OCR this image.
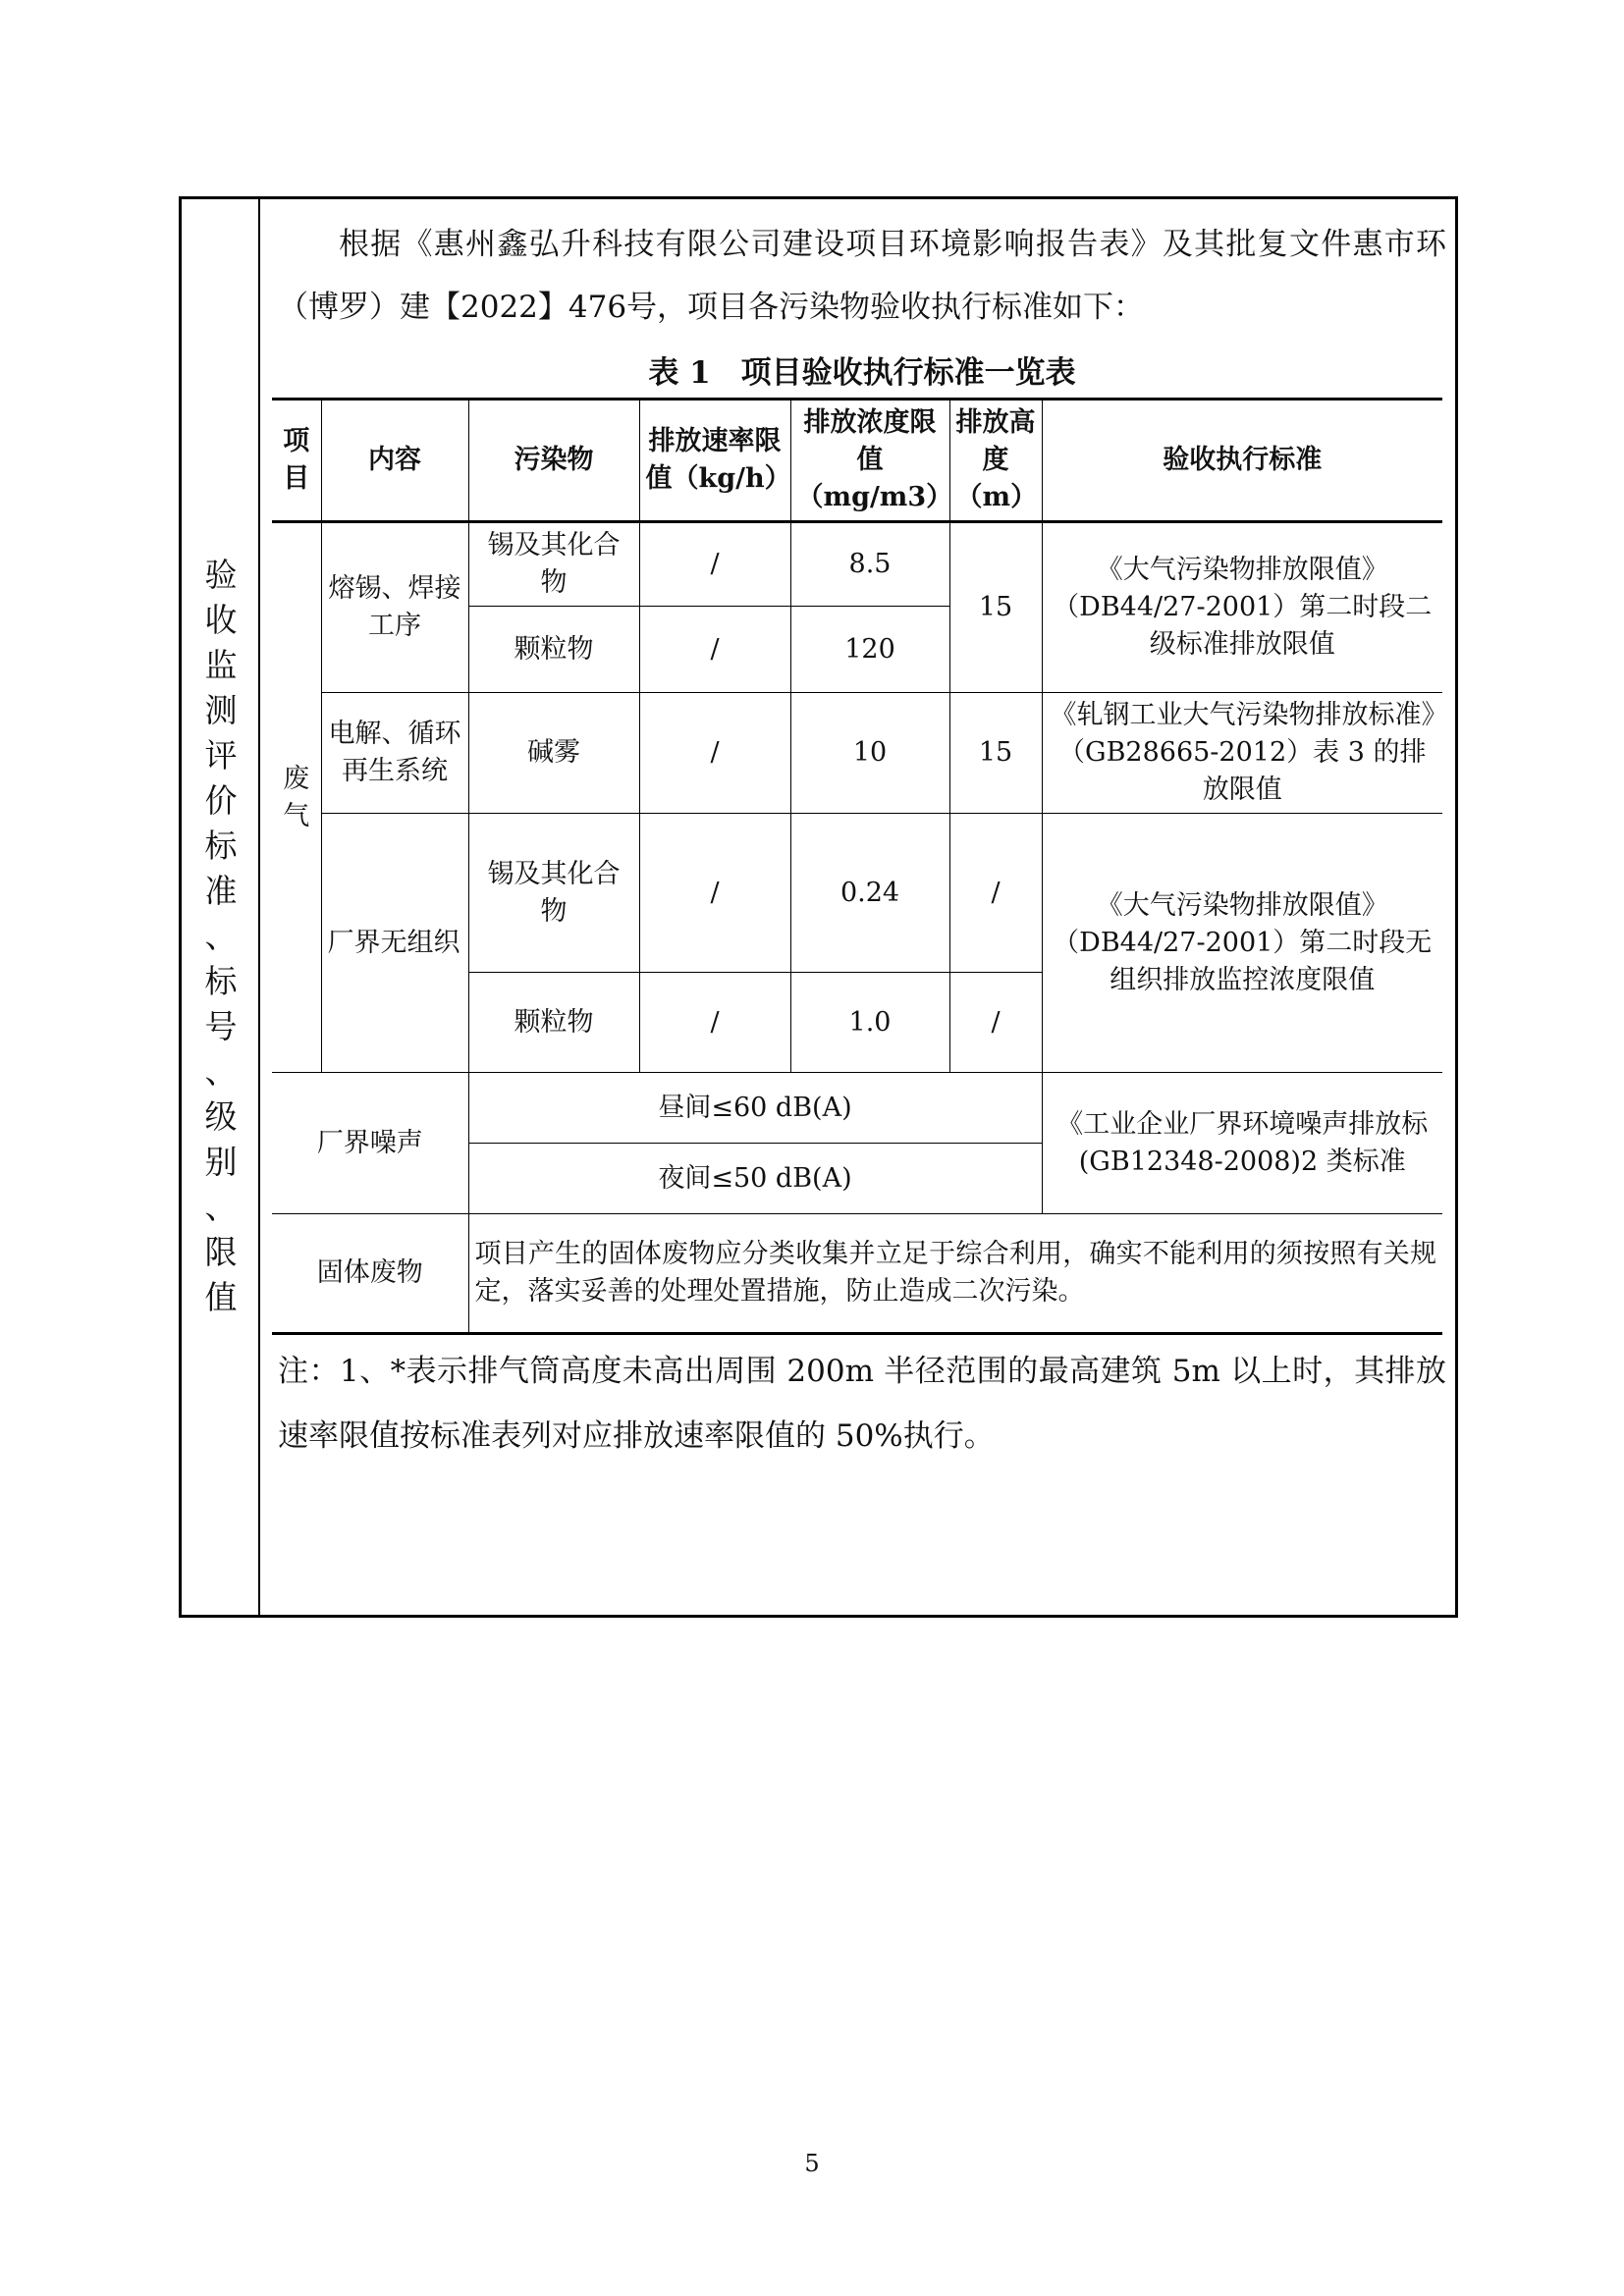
验
收
监
测
评
价
标
准
、
标
号
、
级
别
、
限
值

根据《惠州鑫弘升科技有限公司建设项目环境影响报告表》及其批复文件惠市环（博罗）建【2022】476号，项目各污染物验收执行标准如下：

表 1　项目验收执行标准一览表
项目	内容	污染物	排放速率限值（kg/h）	排放浓度限值（mg/m3）	排放高度（m）	验收执行标准
废气	熔锡、焊接工序	锡及其化合物	/	8.5	15	《大气污染物排放限值》（DB44/27-2001）第二时段二级标准排放限值
		颗粒物	/	120		
	电解、循环再生系统	碱雾	/	10	15	《轧钢工业大气污染物排放标准》（GB28665-2012）表 3 的排放限值
	厂界无组织	锡及其化合物	/	0.24	/	《大气污染物排放限值》（DB44/27-2001）第二时段无组织排放监控浓度限值
		颗粒物	/	1.0	/	
厂界噪声		昼间≤60 dB(A)				《工业企业厂界环境噪声排放标(GB12348-2008)2 类标准
		夜间≤50 dB(A)				
固体废物		项目产生的固体废物应分类收集并立足于综合利用，确实不能利用的须按照有关规定，落实妥善的处理处置措施，防止造成二次污染。				

注：1、*表示排气筒高度未高出周围 200m 半径范围的最高建筑 5m 以上时，其排放速率限值按标准表列对应排放速率限值的 50%执行。

5
